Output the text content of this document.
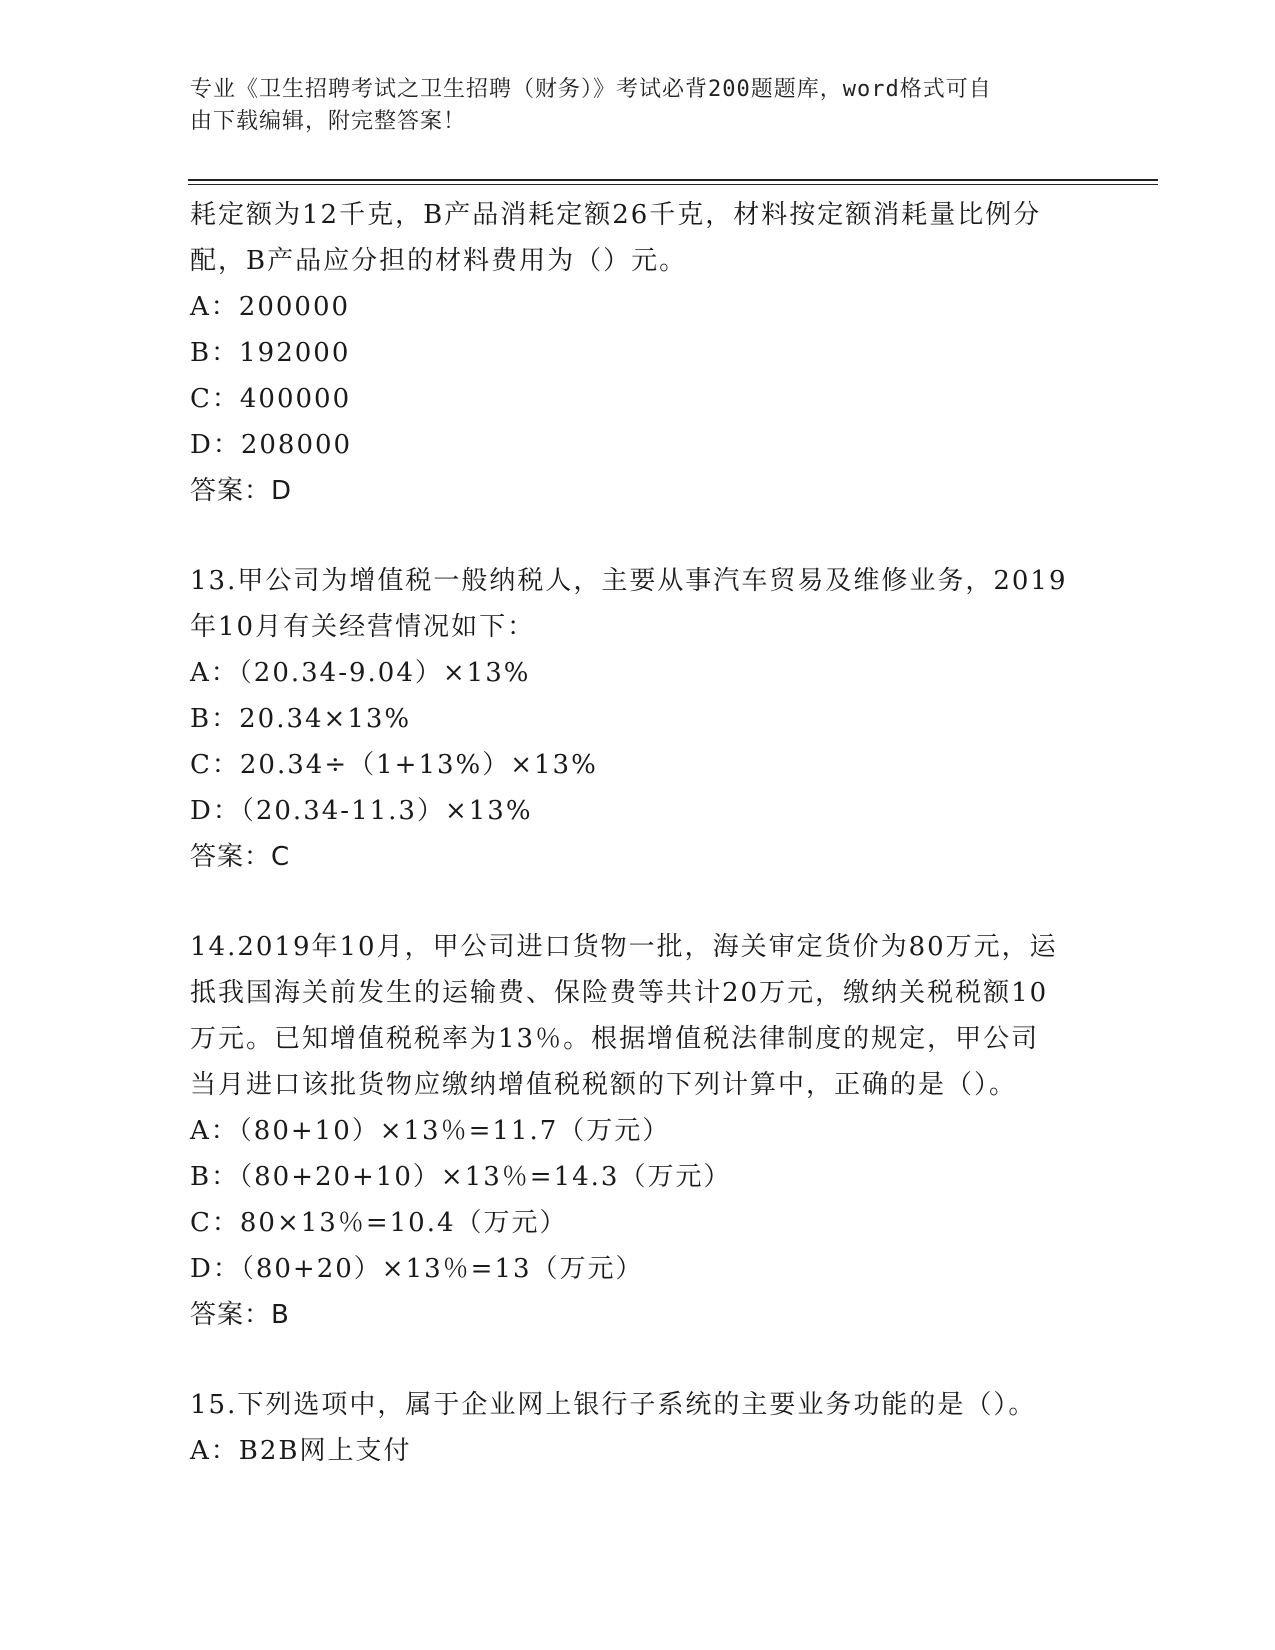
专业《卫生招聘考试之卫生招聘（财务）》考试必背200题题库，word格式可自
由下载编辑，附完整答案！
耗定额为12千克，B产品消耗定额26千克，材料按定额消耗量比例分
配，B产品应分担的材料费用为（）元。
A：200000
B：192000
C：400000
D：208000
答案：D
13.甲公司为增值税一般纳税人，主要从事汽车贸易及维修业务，2019
年10月有关经营情况如下：
A：（20.34-9.04）×13%
B：20.34×13%
C：20.34÷（1+13%）×13%
D：（20.34-11.3）×13%
答案：C
14.2019年10月，甲公司进口货物一批，海关审定货价为80万元，运
抵我国海关前发生的运输费、保险费等共计20万元，缴纳关税税额10
万元。已知增值税税率为13％。根据增值税法律制度的规定，甲公司
当月进口该批货物应缴纳增值税税额的下列计算中，正确的是（）。
A：（80+10）×13％=11.7（万元）
B：（80+20+10）×13％=14.3（万元）
C：80×13％=10.4（万元）
D：（80+20）×13％=13（万元）
答案：B
15.下列选项中，属于企业网上银行子系统的主要业务功能的是（）。
A：B2B网上支付
